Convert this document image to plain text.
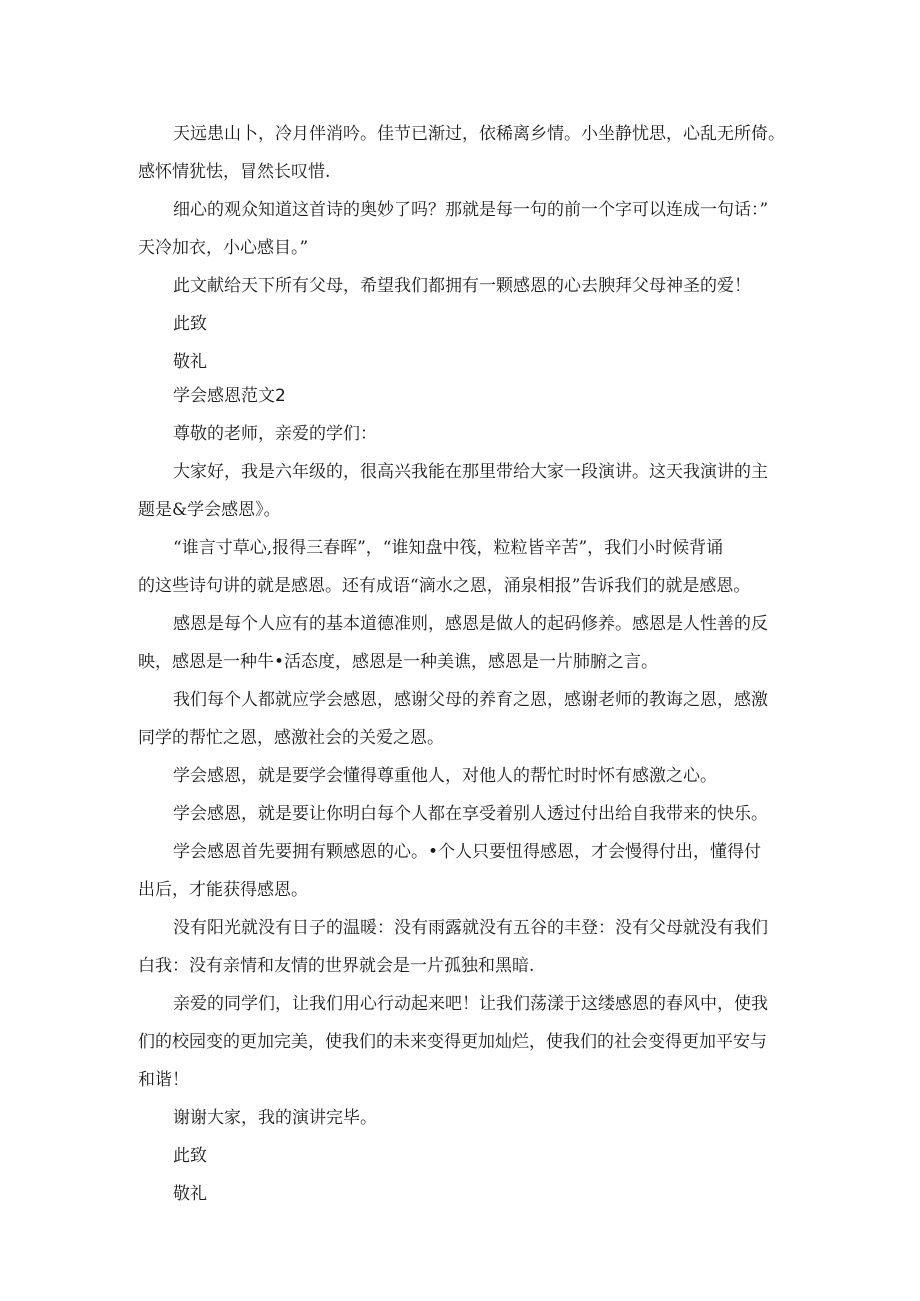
天远患山卜，冷月伴消吟。佳节已渐过，依稀离乡情。小坐静忧思，心乱无所倚。
感怀情犹怯，冒然长叹惜.
细心的观众知道这首诗的奥妙了吗？那就是每一句的前一个字可以连成一句话：”
天冷加衣，小心感目。”
此文献给天下所有父母，希望我们都拥有一颗感恩的心去腴拜父母神圣的爱！
此致
敬礼
学会感恩范文2
尊敬的老师，亲爱的学们：
大家好，我是六年级的，很高兴我能在那里带给大家一段演讲。这天我演讲的主
题是&学会感恩》。
“谁言寸草心,报得三春晖”，“谁知盘中筏，粒粒皆辛苦”，我们小时候背诵
的这些诗句讲的就是感恩。还有成语“滴水之恩，涌泉相报”告诉我们的就是感恩。
感恩是每个人应有的基本道德准则，感恩是做人的起码修养。感恩是人性善的反
映，感恩是一种牛•活态度，感恩是一种美谯，感恩是一片肺腑之言。
我们每个人都就应学会感恩，感谢父母的养育之恩，感谢老师的教诲之恩，感激
同学的帮忙之恩，感激社会的关爱之恩。
学会感恩，就是要学会懂得尊重他人，对他人的帮忙时时怀有感激之心。
学会感恩，就是要让你明白每个人都在享受着别人透过付出给自我带来的快乐。
学会感恩首先要拥有颗感恩的心。•个人只要忸得感恩，才会慢得付出，懂得付
出后，才能获得感恩。
没有阳光就没有日子的温暖：没有雨露就没有五谷的丰登：没有父母就没有我们
白我：没有亲情和友情的世界就会是一片孤独和黑暗.
亲爱的同学们，让我们用心行动起来吧！让我们荡漾于这缕感恩的春风中，使我
们的校园变的更加完美，使我们的未来变得更加灿烂，使我们的社会变得更加平安与
和谐！
谢谢大家，我的演讲完毕。
此致
敬礼
